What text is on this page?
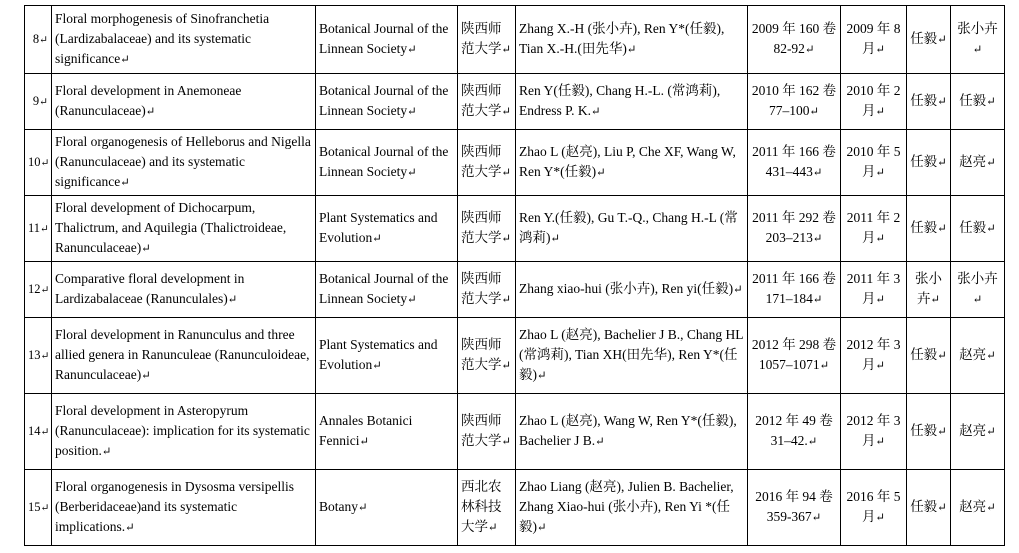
8↵	Floral morphogenesis of Sinofranchetia (Lardizabalaceae) and its systematic significance↵	Botanical Journal of the Linnean Society↵	陕西师范大学↵	Zhang X.-H (张小卉), Ren Y*(任毅), Tian X.-H.(田先华)↵	2009 年 160 卷 82-92↵	2009 年 8 月↵	任毅↵	张小卉↵
9↵	Floral development in Anemoneae (Ranunculaceae)↵	Botanical Journal of the Linnean Society↵	陕西师范大学↵	Ren Y(任毅), Chang H.-L. (常鸿莉), Endress P. K.↵	2010 年 162 卷 77–100↵	2010 年 2 月↵	任毅↵	任毅↵
10↵	Floral organogenesis of Helleborus and Nigella (Ranunculaceae) and its systematic significance↵	Botanical Journal of the Linnean Society↵	陕西师范大学↵	Zhao L (赵亮), Liu P, Che XF, Wang W, Ren Y*(任毅)↵	2011 年 166 卷 431–443↵	2010 年 5 月↵	任毅↵	赵亮↵
11↵	Floral development of Dichocarpum, Thalictrum, and Aquilegia (Thalictroideae, Ranunculaceae)↵	Plant Systematics and Evolution↵	陕西师范大学↵	Ren Y.(任毅), Gu T.-Q., Chang H.-L (常鸿莉)↵	2011 年 292 卷 203–213↵	2011 年 2 月↵	任毅↵	任毅↵
12↵	Comparative floral development in Lardizabalaceae (Ranunculales)↵	Botanical Journal of the Linnean Society↵	陕西师范大学↵	Zhang xiao-hui (张小卉), Ren yi(任毅)↵	2011 年 166 卷 171–184↵	2011 年 3 月↵	张小卉↵	张小卉↵
13↵	Floral development in Ranunculus and three allied genera in Ranunculeae (Ranunculoideae, Ranunculaceae)↵	Plant Systematics and Evolution↵	陕西师范大学↵	Zhao L (赵亮), Bachelier J B., Chang HL (常鸿莉), Tian XH(田先华), Ren Y*(任毅)↵	2012 年 298 卷 1057–1071↵	2012 年 3 月↵	任毅↵	赵亮↵
14↵	Floral development in Asteropyrum (Ranunculaceae): implication for its systematic position.↵	Annales Botanici Fennici↵	陕西师范大学↵	Zhao L (赵亮), Wang W, Ren Y*(任毅), Bachelier J B.↵	2012 年 49 卷 31–42.↵	2012 年 3 月↵	任毅↵	赵亮↵
15↵	Floral organogenesis in Dysosma versipellis (Berberidaceae)and its systematic implications.↵	Botany↵	西北农林科技大学↵	Zhao Liang (赵亮), Julien B. Bachelier, Zhang Xiao-hui (张小卉), Ren Yi *(任毅)↵	2016 年 94 卷 359-367↵	2016 年 5 月↵	任毅↵	赵亮↵
